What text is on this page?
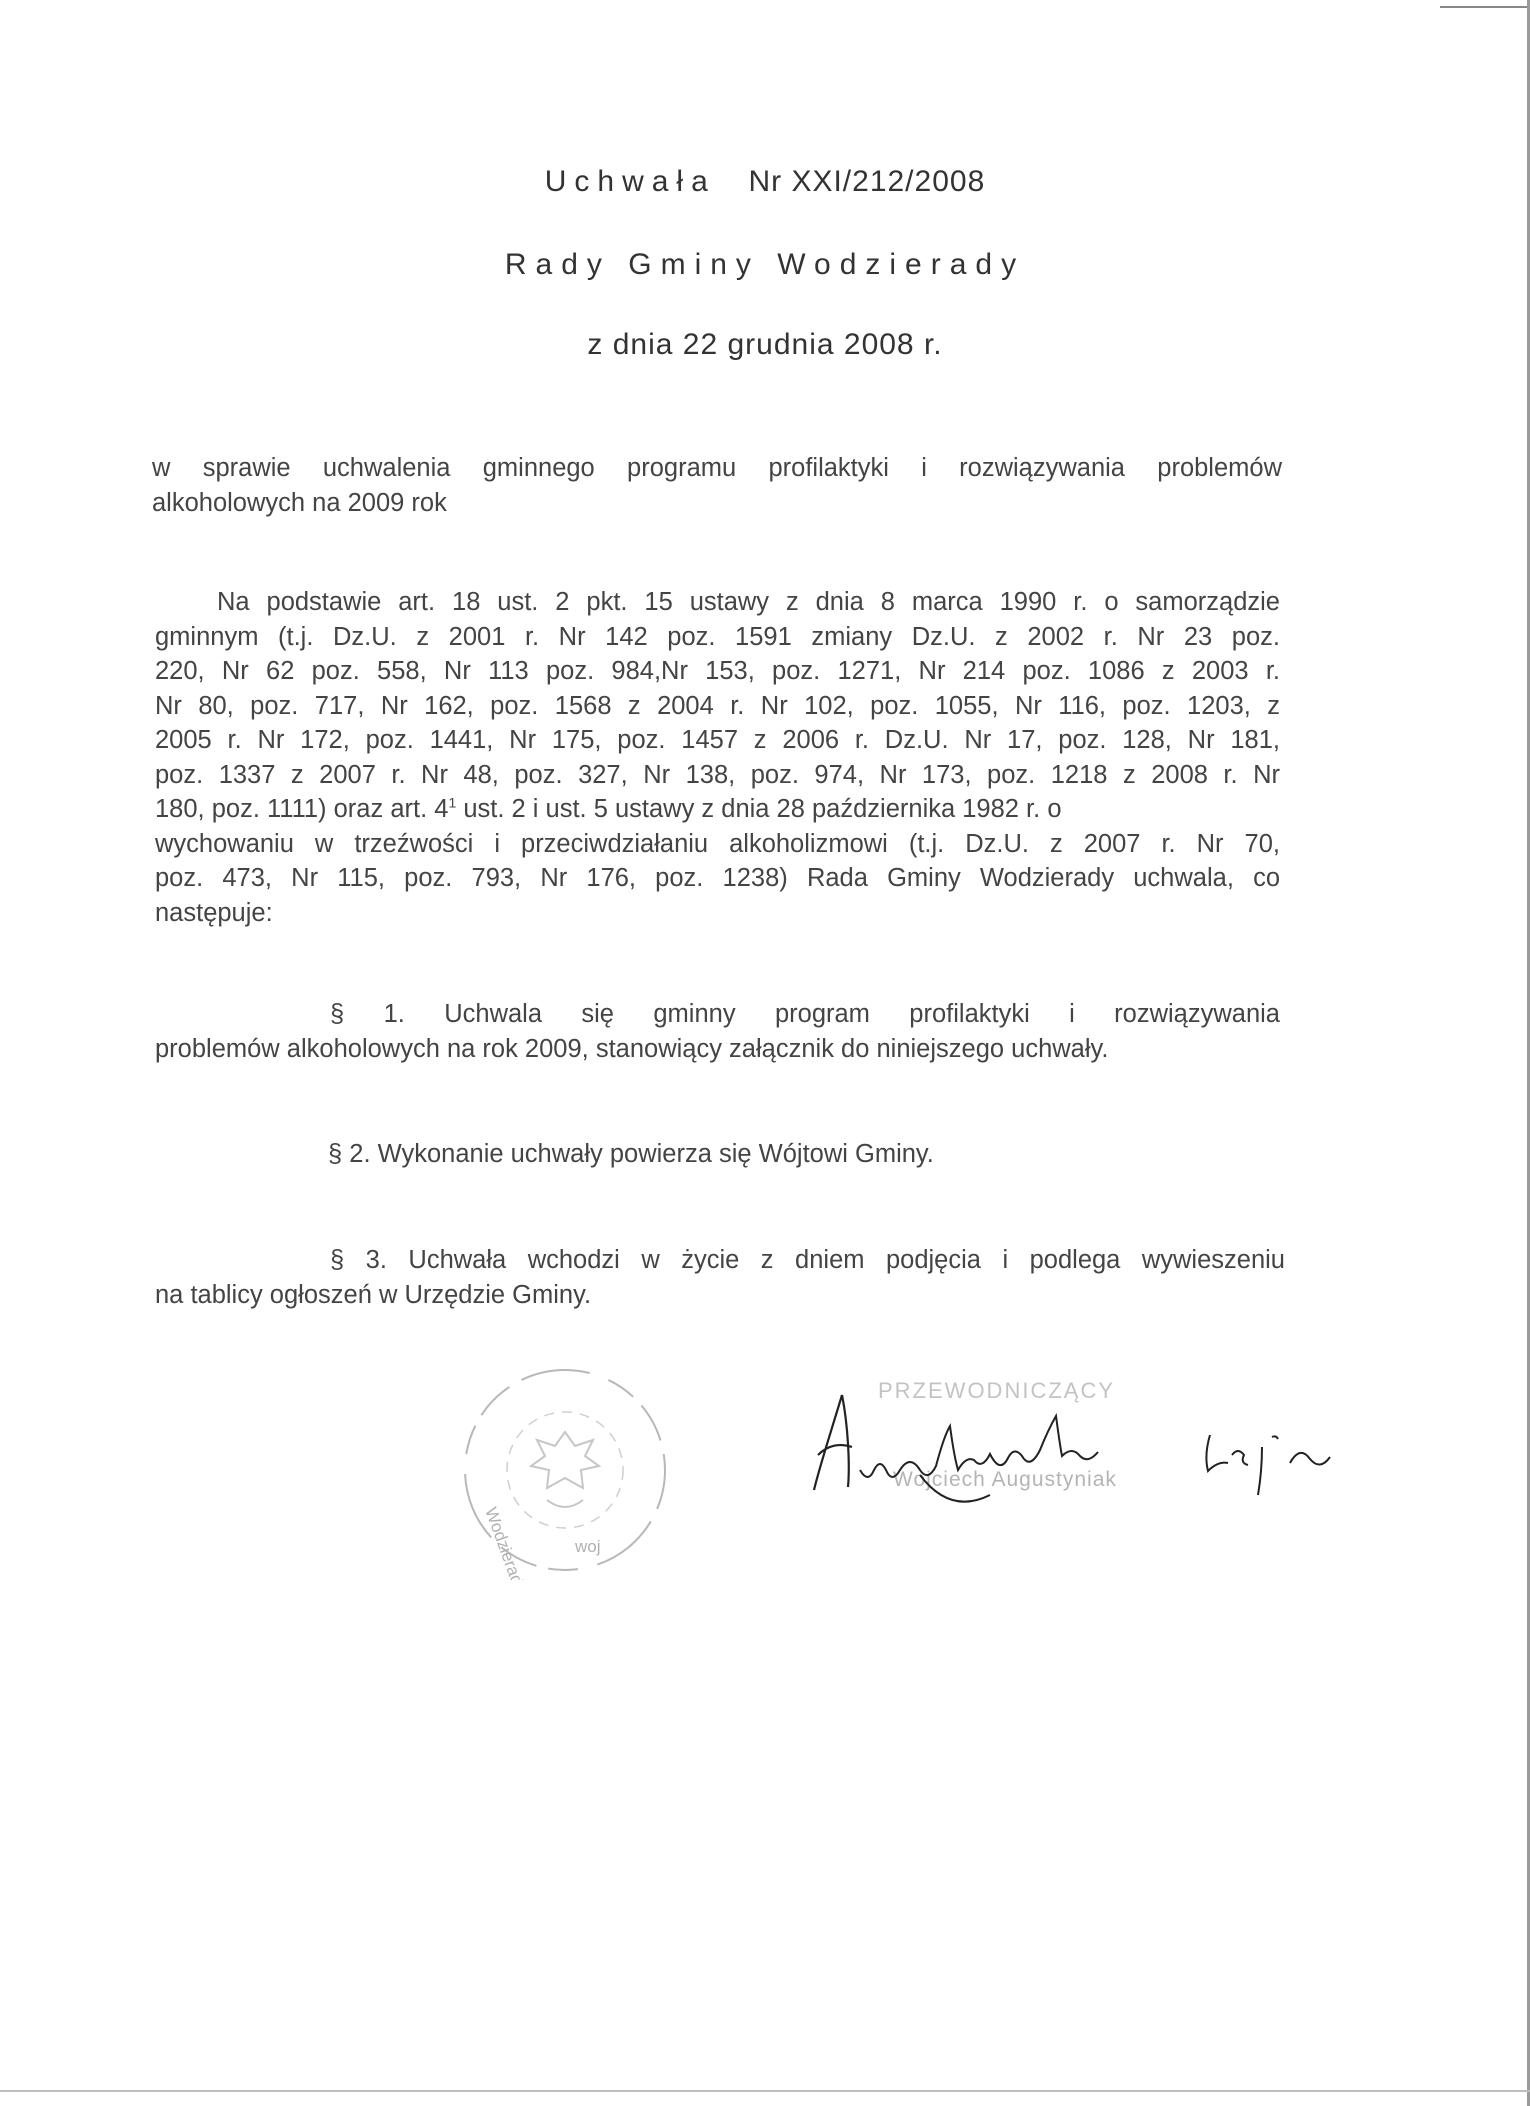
Uchwała Nr XXI/212/2008
Rady Gminy Wodzierady
z dnia 22 grudnia 2008 r.
w sprawie uchwalenia gminnego programu profilaktyki i rozwiązywania problemów
alkoholowych na 2009 rok
Na podstawie art. 18 ust. 2 pkt. 15 ustawy z dnia 8 marca 1990 r. o samorządzie
gminnym (t.j. Dz.U. z 2001 r. Nr 142 poz. 1591 zmiany Dz.U. z 2002 r. Nr 23 poz.
220, Nr 62 poz. 558, Nr 113 poz. 984,Nr 153, poz. 1271, Nr 214 poz. 1086 z 2003 r.
Nr 80, poz. 717, Nr 162, poz. 1568 z 2004 r. Nr 102, poz. 1055, Nr 116, poz. 1203, z
2005 r. Nr 172, poz. 1441, Nr 175, poz. 1457 z 2006 r. Dz.U. Nr 17, poz. 128, Nr 181,
poz. 1337 z 2007 r. Nr 48, poz. 327, Nr 138, poz. 974, Nr 173, poz. 1218 z 2008 r. Nr
180, poz. 1111) oraz art. $4^1$ ust. 2 i ust. 5 ustawy z dnia 28 października 1982 r. o
wychowaniu w trzeźwości i przeciwdziałaniu alkoholizmowi (t.j. Dz.U. z 2007 r. Nr 70,
poz. 473, Nr 115, poz. 793, Nr 176, poz. 1238) Rada Gminy Wodzierady uchwala, co
następuje:
§ 1. Uchwala się gminny program profilaktyki i rozwiązywania
problemów alkoholowych na rok 2009, stanowiący załącznik do niniejszego uchwały.
§ 2. Wykonanie uchwały powierza się Wójtowi Gminy.
§ 3. Uchwała wchodzi w życie z dniem podjęcia i podlega wywieszeniu
na tablicy ogłoszeń w Urzędzie Gminy.
Wodzierady	woj
PRZEWODNICZĄCY
Wojciech Augustyniak
